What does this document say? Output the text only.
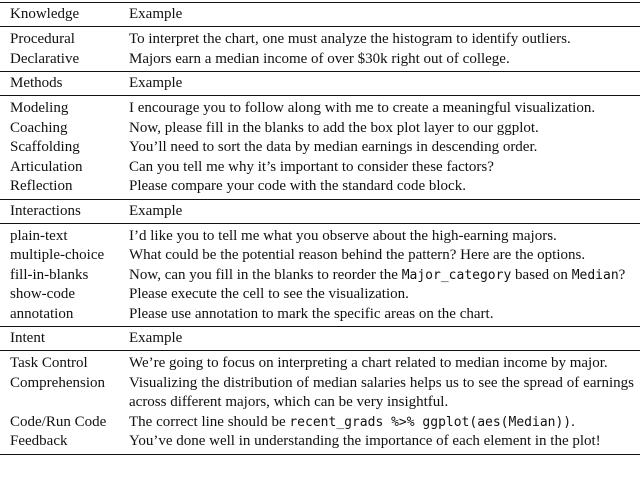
Knowledge	Example
Procedural	To interpret the chart, one must analyze the histogram to identify outliers.
Declarative	Majors earn a median income of over $30k right out of college.
Methods	Example
Modeling	I encourage you to follow along with me to create a meaningful visualization.
Coaching	Now, please fill in the blanks to add the box plot layer to our ggplot.
Scaffolding	You’ll need to sort the data by median earnings in descending order.
Articulation	Can you tell me why it’s important to consider these factors?
Reflection	Please compare your code with the standard code block.
Interactions	Example
plain-text	I’d like you to tell me what you observe about the high-earning majors.
multiple-choice	What could be the potential reason behind the pattern? Here are the options.
fill-in-blanks	Now, can you fill in the blanks to reorder the Major_category based on Median?
show-code	Please execute the cell to see the visualization.
annotation	Please use annotation to mark the specific areas on the chart.
Intent	Example
Task Control	We’re going to focus on interpreting a chart related to median income by major.
Comprehension	Visualizing the distribution of median salaries helps us to see the spread of earnings across different majors, which can be very insightful.
Code/Run Code	The correct line should be recent_grads %>% ggplot(aes(Median)).
Feedback	You’ve done well in understanding the importance of each element in the plot!
